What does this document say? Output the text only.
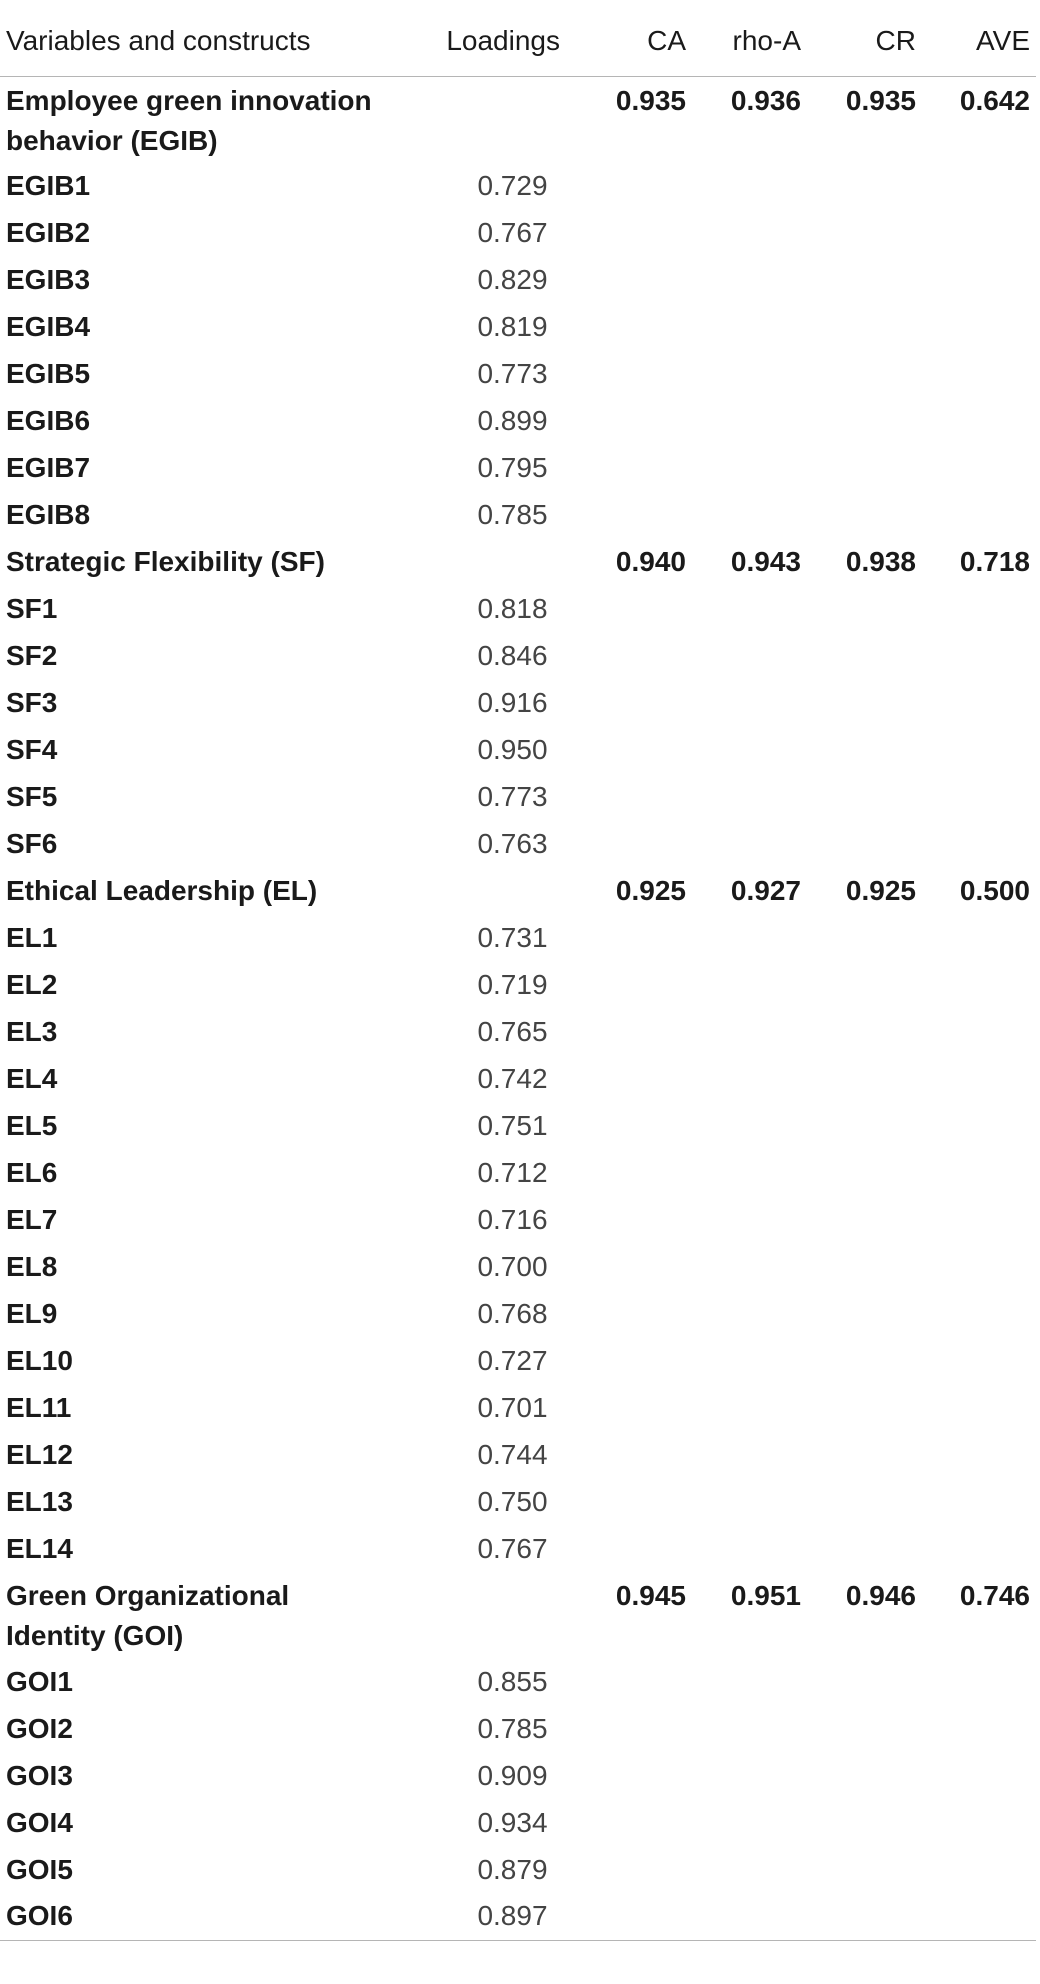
Variables and constructs	Loadings	CA	rho-A	CR	AVE
Employee green innovation behavior (EGIB)		0.935	0.936	0.935	0.642
EGIB1	0.729				
EGIB2	0.767				
EGIB3	0.829				
EGIB4	0.819				
EGIB5	0.773				
EGIB6	0.899				
EGIB7	0.795				
EGIB8	0.785				
Strategic Flexibility (SF)		0.940	0.943	0.938	0.718
SF1	0.818				
SF2	0.846				
SF3	0.916				
SF4	0.950				
SF5	0.773				
SF6	0.763				
Ethical Leadership (EL)		0.925	0.927	0.925	0.500
EL1	0.731				
EL2	0.719				
EL3	0.765				
EL4	0.742				
EL5	0.751				
EL6	0.712				
EL7	0.716				
EL8	0.700				
EL9	0.768				
EL10	0.727				
EL11	0.701				
EL12	0.744				
EL13	0.750				
EL14	0.767				
Green Organizational Identity (GOI)		0.945	0.951	0.946	0.746
GOI1	0.855				
GOI2	0.785				
GOI3	0.909				
GOI4	0.934				
GOI5	0.879				
GOI6	0.897				
